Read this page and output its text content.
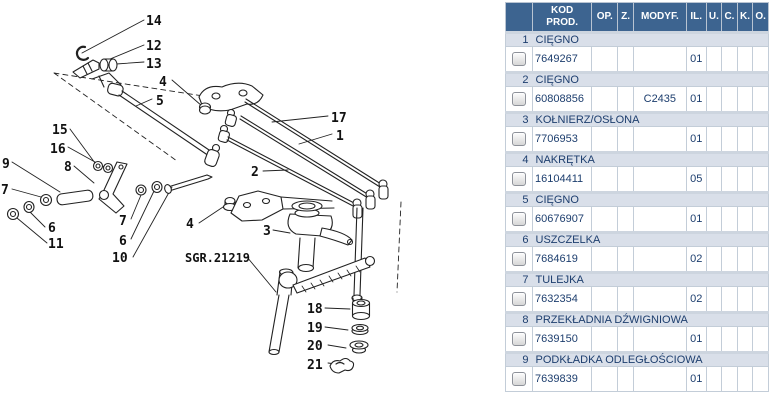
14
12
13
4
5
15
16
9	8
7
6
11
7
6
10
4
17
1
2
3
18
19
20
21
SGR.21219
	KOD PROD.	OP.	Z.	MODYF.	IL.	U.	C.	K.	O.
1	CIĘGNO								
	7649267				01				
2	CIĘGNO								
	60808856			C2435	01				
3	KOŁNIERZ/OSŁONA								
	7706953				01				
4	NAKRĘTKA								
	16104411				05				
5	CIĘGNO								
	60676907				01				
6	USZCZELKA								
	7684619				02				
7	TULEJKA								
	7632354				02				
8	PRZEKŁADNIA DŹWIGNIOWA								
	7639150				01				
9	PODKŁADKA ODLEGŁOŚCIOWA								
	7639839				01				
